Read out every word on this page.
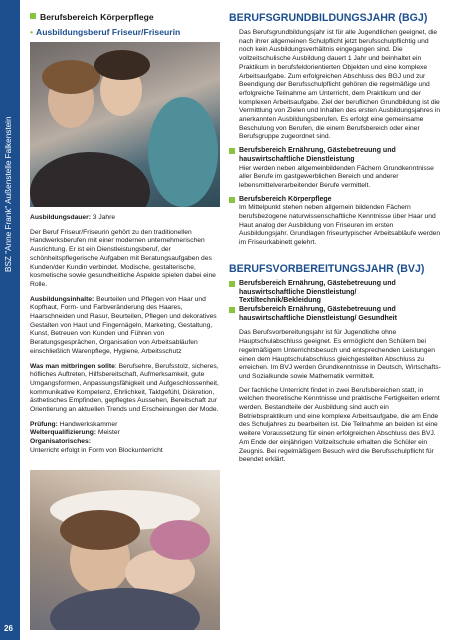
BSZ "Anne Frank" Außenstelle Falkenstein
26
Berufsbereich Körperpflege
• Ausbildungsberuf Friseur/Friseurin

Ausbildungsdauer: 3 Jahre

Der Beruf Friseur/Friseurin gehört zu den traditionellen Handwerksberufen mit einer modernen unternehmerischen Ausrichtung. Er ist ein Dienstleistungsberuf, der schönheitspflegerische Aufgaben mit Beratungsaufgaben des Kunden/der Kundin verbindet. Modische, gestalterische, kosmetische sowie gesundheitliche Aspekte spielen dabei eine Rolle.

Ausbildungsinhalte: Beurteilen und Pflegen von Haar und Kopfhaut, Form- und Farbveränderung des Haares, Haarschneiden und Rasur, Beurteilen, Pflegen und dekoratives Gestalten von Haut und Fingernägeln, Marketing, Gestaltung, Kunst, Betreuen von Kunden und Führen von Beratungsgesprächen, Organisation von Arbeitsabläufen einschließlich Warenpflege, Hygiene, Arbeitsschutz

Was man mitbringen sollte: Berufsehre, Berufsstolz, sicheres, höfliches Auftreten, Hilfsbereitschaft, Aufmerksamkeit, gute Umgangsformen, Anpassungsfähigkeit und Aufgeschlossenheit, kommunikative Kompetenz, Ehrlichkeit, Taktgefühl, Diskretion, ästhetisches Empfinden, gepflegtes Aussehen, Bereitschaft zur Orientierung an aktuellen Trends und Erscheinungen der Mode.

Prüfung: Handwerkskammer

Welterqualifizierung: Meister

Organisatorisches:

Unterricht erfolgt in Form von Blockunterricht

BERUFSGRUNDBILDUNGSJAHR (BGJ)

Das Berufsgrundbildungsjahr ist für alle Jugendlichen geeignet, die nach ihrer allgemeinen Schulpflicht jetzt berufsschulpflichtig und noch kein Ausbildungsverhältnis eingegangen sind. Die vollzeitschulische Ausbildung dauert 1 Jahr und beinhaltet ein Praktikum in berufsfeldorientierten Objekten und eine komplexe Arbeitsaufgabe. Zum erfolgreichen Abschluss des BGJ und zur Beendigung der Berufsschulpflicht gehören die regelmäßige und erfolgreiche Teilnahme am Unterricht, dem Praktikum und der komplexen Arbeitsaufgabe. Ziel der beruflichen Grundbildung ist die Vermittlung von Zielen und Inhalten des ersten Ausbildungsjahres in anerkannten Ausbildungsberufen. Es erfolgt eine gemeinsame Beschulung von Berufen, die einem Berufsbereich oder einer Berufsgruppe zugeordnet sind.

Berufsbereich Ernährung, Gästebetreuung und hauswirtschaftliche Dienstleistung

Hier werden neben allgemeinbildenden Fächern Grundkenntnisse aller Berufe im gastgewerblichen Bereich und anderer lebensmittelverarbeitender Berufe vermittelt.

Berufsbereich Körperpflege

Im Mittelpunkt stehen neben allgemein bildenden Fächern berufsbezogene naturwissenschaftliche Kenntnisse über Haar und Haut analog der Ausbildung von Friseuren im ersten Ausbildungsjahr. Grundlagen friseurtypischer Arbeitsabläufe werden im Friseurkabinett gelehrt.

BERUFSVORBEREITUNGSJAHR (BVJ)
Berufsbereich Ernährung, Gästebetreuung und hauswirtschaftliche Dienstleistung/
Textiltechnik/Bekleidung
Berufsbereich Ernährung, Gästebetreuung und hauswirtschaftliche Dienstleistung/ Gesundheit

Das Berufsvorbereitungsjahr ist für Jugendliche ohne Hauptschulabschluss geeignet. Es ermöglicht den Schülern bei regelmäßigem Unterrichtsbesuch und entsprechenden Leistungen einen dem Hauptschulabschluss gleichgestellten Abschluss zu erreichen. Im BVJ werden Grundkenntnisse in Deutsch, Wirtschafts- und Sozialkunde sowie Mathematik vermittelt.

Der fachliche Unterricht findet in zwei Berufsbereichen statt, in welchen theoretische Kenntnisse und praktische Fertigkeiten erlernt werden. Bestandteile der Ausbildung sind auch ein Betriebspraktikum und eine komplexe Arbeitsaufgabe, die am Ende des Schuljahres zu bearbeiten ist. Die Teilnahme an beiden ist eine weitere Voraussetzung für einen erfolgreichen Abschluss des BVJ.

Am Ende der einjährigen Vollzeitschule erhalten die Schüler ein Zeugnis. Bei regelmäßigem Besuch wird die Berufsschulpflicht für beendet erklärt.
